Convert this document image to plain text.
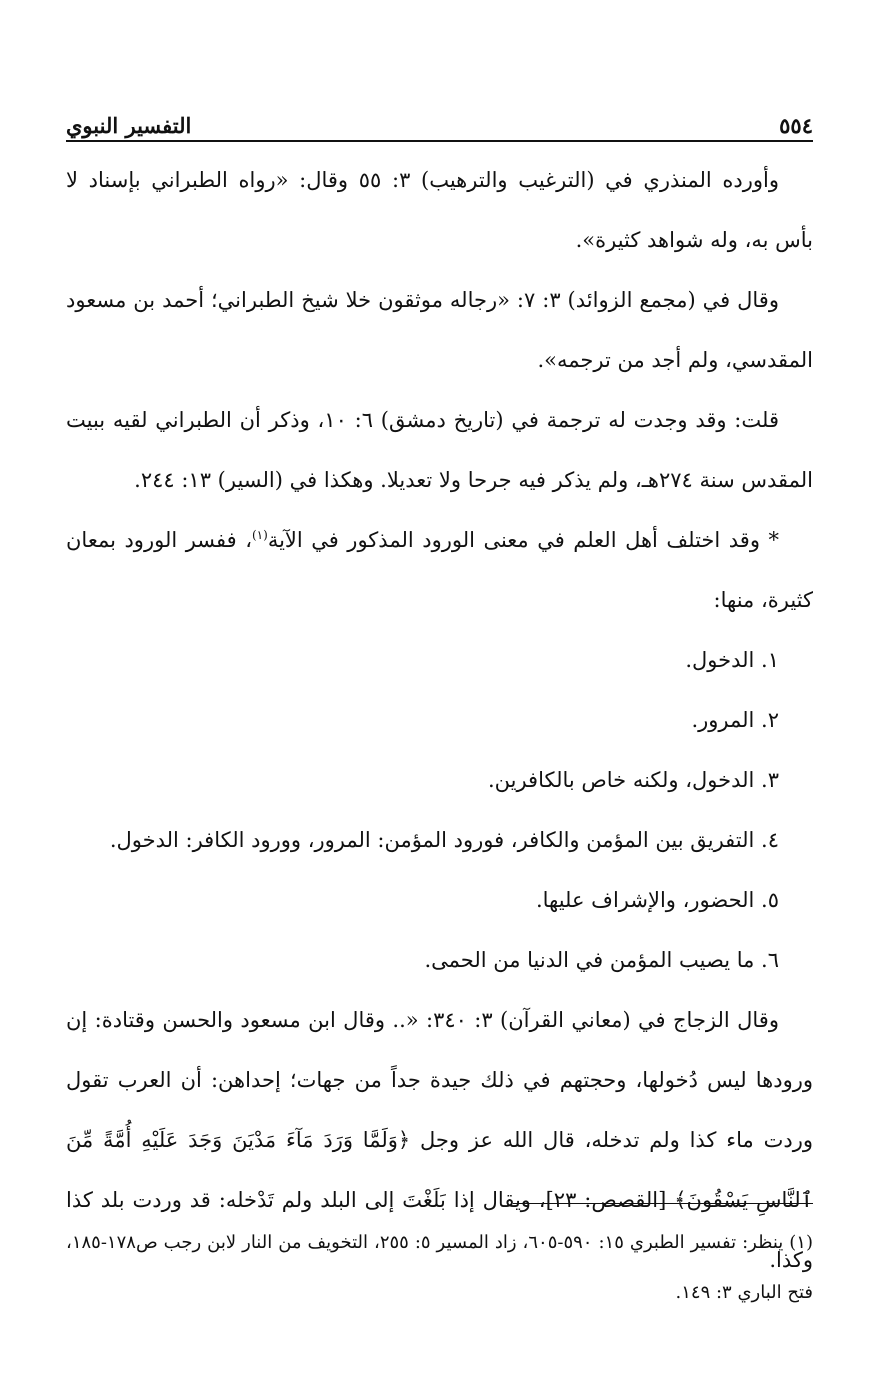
٥٥٤
التفسير النبوي

وأورده المنذري في (الترغيب والترهيب) ٣: ٥٥ وقال: «رواه الطبراني بإسناد لا بأس به، وله شواهد كثيرة».

وقال في (مجمع الزوائد) ٣: ٧: «رجاله موثقون خلا شيخ الطبراني؛ أحمد بن مسعود المقدسي، ولم أجد من ترجمه».

قلت: وقد وجدت له ترجمة في (تاريخ دمشق) ٦: ١٠، وذكر أن الطبراني لقيه ببيت المقدس سنة ٢٧٤هـ، ولم يذكر فيه جرحا ولا تعديلا. وهكذا في (السير) ١٣: ٢٤٤.

* وقد اختلف أهل العلم في معنى الورود المذكور في الآية$^{(١)}$، ففسر الورود بمعان كثيرة، منها:

١. الدخول.

٢. المرور.

٣. الدخول، ولكنه خاص بالكافرين.

٤. التفريق بين المؤمن والكافر، فورود المؤمن: المرور، وورود الكافر: الدخول.

٥. الحضور، والإشراف عليها.

٦. ما يصيب المؤمن في الدنيا من الحمى.

وقال الزجاج في (معاني القرآن) ٣: ٣٤٠: «.. وقال ابن مسعود والحسن وقتادة: إن ورودها ليس دُخولها، وحجتهم في ذلك جيدة جداً من جهات؛ إحداهن: أن العرب تقول وردت ماء كذا ولم تدخله، قال الله عز وجل ﴿وَلَمَّا وَرَدَ مَآءَ مَدْيَنَ وَجَدَ عَلَيْهِ أُمَّةً مِّنَ ٱلنَّاسِ يَسْقُونَ﴾ [القصص: ٢٣]، ويقال إذا بَلَغْتَ إلى البلد ولم تَدْخله: قد وردت بلد كذا وكذا.

(١) ينظر: تفسير الطبري ١٥: ٥٩٠-٦٠٥، زاد المسير ٥: ٢٥٥، التخويف من النار لابن رجب ص١٧٨-١٨٥، فتح الباري ٣: ١٤٩.
